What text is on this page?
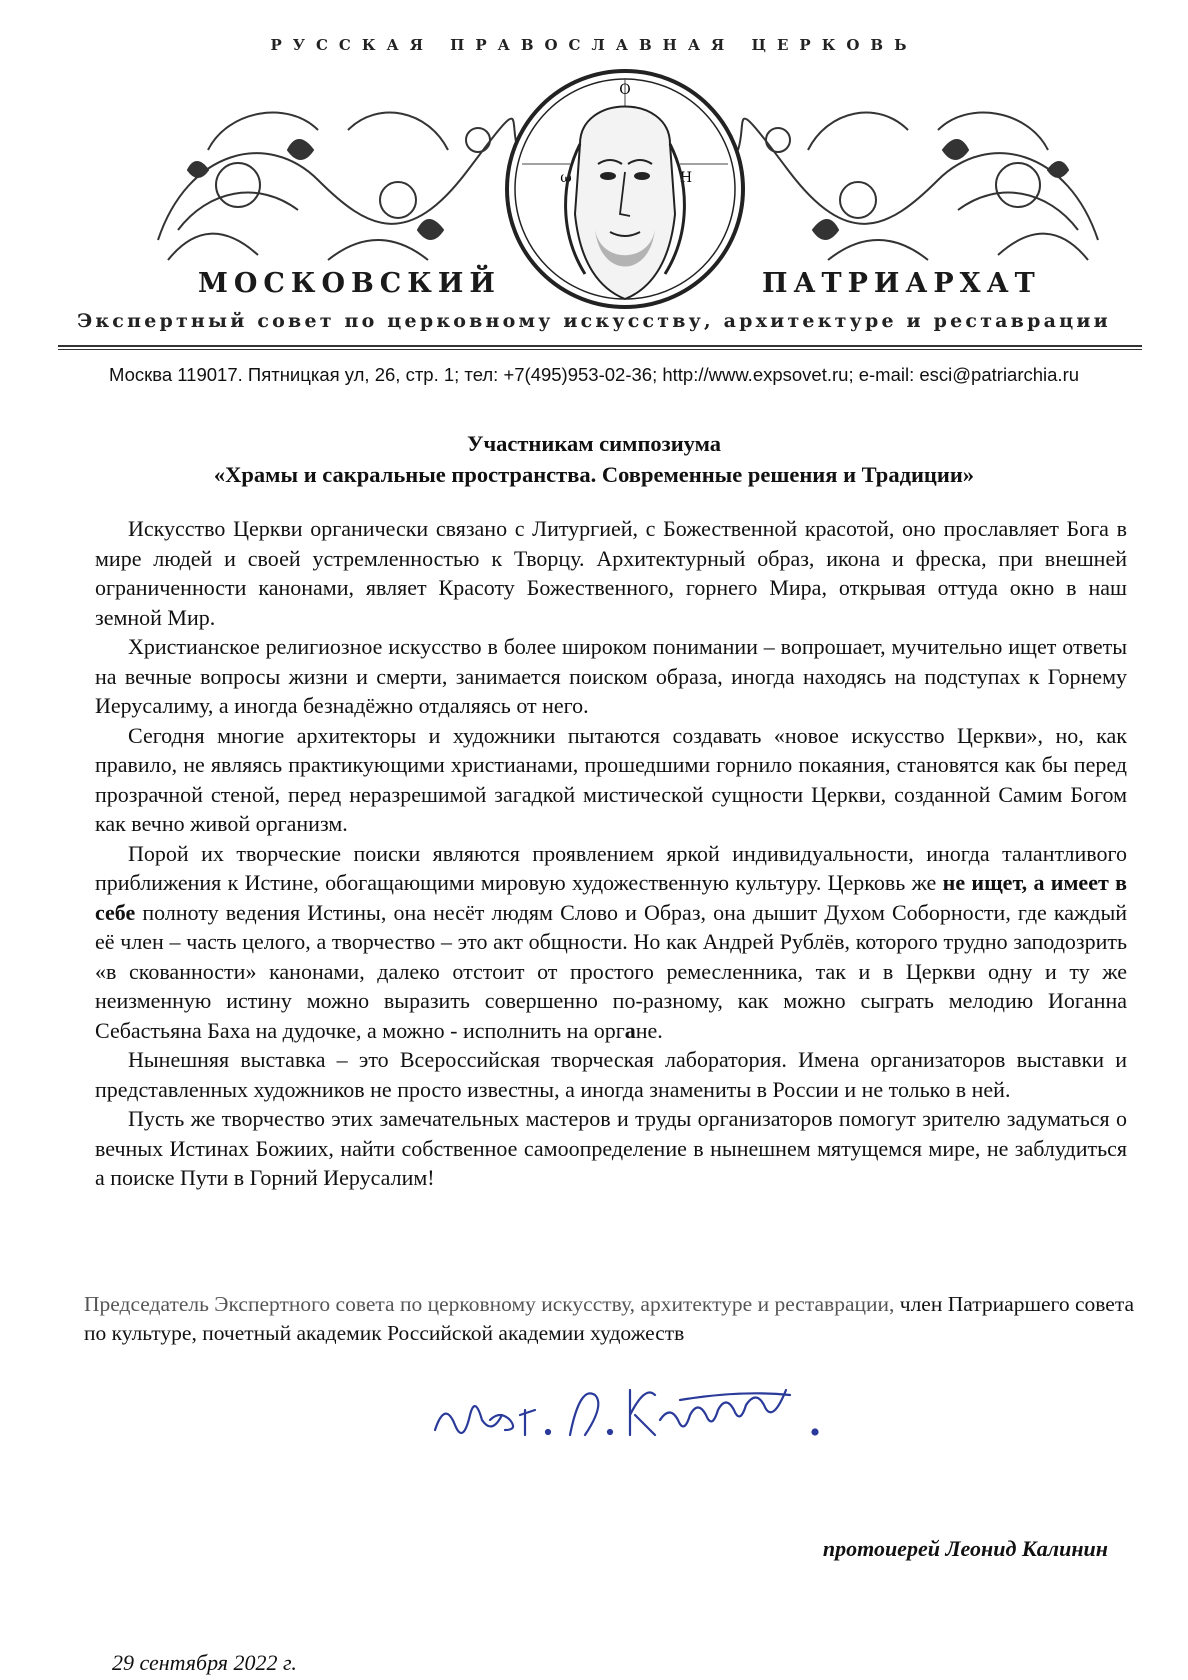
РУССКАЯ ПРАВОСЛАВНАЯ ЦЕРКОВЬ
О
ω	Н
МОСКОВСКИЙ	ПАТРИАРХАТ
Экспертный совет по церковному искусству, архитектуре и реставрации
Москва 119017. Пятницкая ул, 26, стр. 1; тел: +7(495)953-02-36; http://www.expsovet.ru; e-mail: esci@patriarchia.ru
Участникам симпозиума
«Храмы и сакральные пространства. Современные решения и Традиции»

Искусство Церкви органически связано с Литургией, с Божественной красотой, оно прославляет Бога в мире людей и своей устремленностью к Творцу. Архитектурный образ, икона и фреска, при внешней ограниченности канонами, являет Красоту Божественного, горнего Мира, открывая оттуда окно в наш земной Мир.

Христианское религиозное искусство в более широком понимании – вопрошает, мучительно ищет ответы на вечные вопросы жизни и смерти, занимается поиском образа, иногда находясь на подступах к Горнему Иерусалиму, а иногда безнадёжно отдаляясь от него.

Сегодня многие архитекторы и художники пытаются создавать «новое искусство Церкви», но, как правило, не являясь практикующими христианами, прошедшими горнило покаяния, становятся как бы перед прозрачной стеной, перед неразрешимой загадкой мистической сущности Церкви, созданной Самим Богом как вечно живой организм.

Порой их творческие поиски являются проявлением яркой индивидуальности, иногда талантливого приближения к Истине, обогащающими мировую художественную культуру. Церковь же не ищет, а имеет в себе полноту ведения Истины, она несёт людям Слово и Образ, она дышит Духом Соборности, где каждый её член – часть целого, а творчество – это акт общности. Но как Андрей Рублёв, которого трудно заподозрить «в скованности» канонами, далеко отстоит от простого ремесленника, так и в Церкви одну и ту же неизменную истину можно выразить совершенно по-разному, как можно сыграть мелодию Иоганна Себастьяна Баха на дудочке, а можно - исполнить на органе.

Нынешняя выставка – это Всероссийская творческая лаборатория. Имена организаторов выставки и представленных художников не просто известны, а иногда знамениты в России и не только в ней.

Пусть же творчество этих замечательных мастеров и труды организаторов помогут зрителю задуматься о вечных Истинах Божиих, найти собственное самоопределение в нынешнем мятущемся мире, не заблудиться а поиске Пути в Горний Иерусалим!

Председатель Экспертного совета по церковному искусству, архитектуре и реставрации, член Патриаршего совета по культуре, почетный академик Российской академии художеств
протоиерей Леонид Калинин
29 сентября 2022 г.
